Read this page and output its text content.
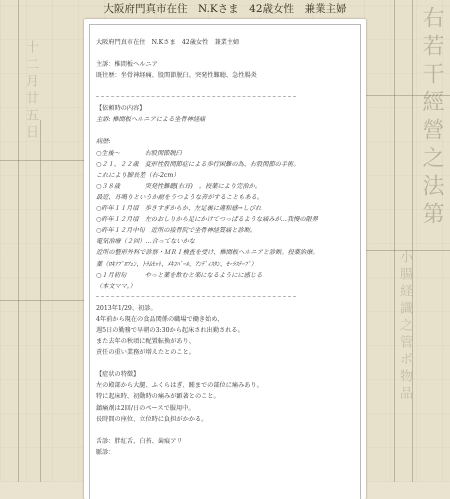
十二月廿五日	右若干經營之法第
小腸経識之管ボ物品
大阪府門真市在住　N.Kさま　42歳女性　兼業主婦

大阪府門真市在住　N.Kさま　42歳女性　兼業主婦

主訴：椎間板ヘルニア

既往歴：坐骨神経痛、股関節脱臼、突発性難聴、急性腸炎

【依頼時の内容】

主訴: 椎間板ヘルニアによる坐骨神経痛

病歴:

○生後～　　　　右股関節脱臼

○２１、２２歳　変形性股関節症による歩行困難の為、右股関節の手術。

これにより脚長差（右-2cm）

○３８歳　　　　突発性難聴(右耳)　。投薬により完治か。

最近、耳鳴りというか耐をうつような音がすることもある。

○昨年１１月頃　歩きすぎからか、左足裏に違和感→しびれ

○昨年１２月頃　左のおしりから足にかけてつっぱるような痛みが…我慢の限界

○昨年１２月中旬　近所の接骨院で坐骨神経質痛と診断。

電気治療（２回）…合ってないかな

近所の整形外科で診察・ＭＲＩ検査を受け、椎間板ヘルニアと診断。投薬治療。

薬（ﾛｷｿﾌﾟﾛﾌｪﾝ、ﾄﾗﾑｾｯﾄ、ﾒｷｺﾊﾞｰﾙ、ｱﾝﾃﾞｨｽﾀﾝ、ﾓｰﾗｽﾃｰﾌﾟ）

○１月初旬　　　やっと薬を飲むと楽になるようにに感じる

（本文ママ。）

2013年1/29、初診。

4年前から現在の食品関係の職場で働き始め、

週5日の勤務で早朝の3:30から起床され出勤される。

また去年の秋頃に配置転換があり、

責任の重い業務が増えたとのこと。

【症状の特徴】

左の殿部から大腿、ふくらはぎ、踵までの部位に痛みあり。

特に起床時、初動時の痛みが顕著とのこと。

鎮痛剤は2回/日のペースで服用中。

長時間の座位、立位時に負担がかかる。

舌診：胖紅舌、白苔、歯痕アリ

脈診：
